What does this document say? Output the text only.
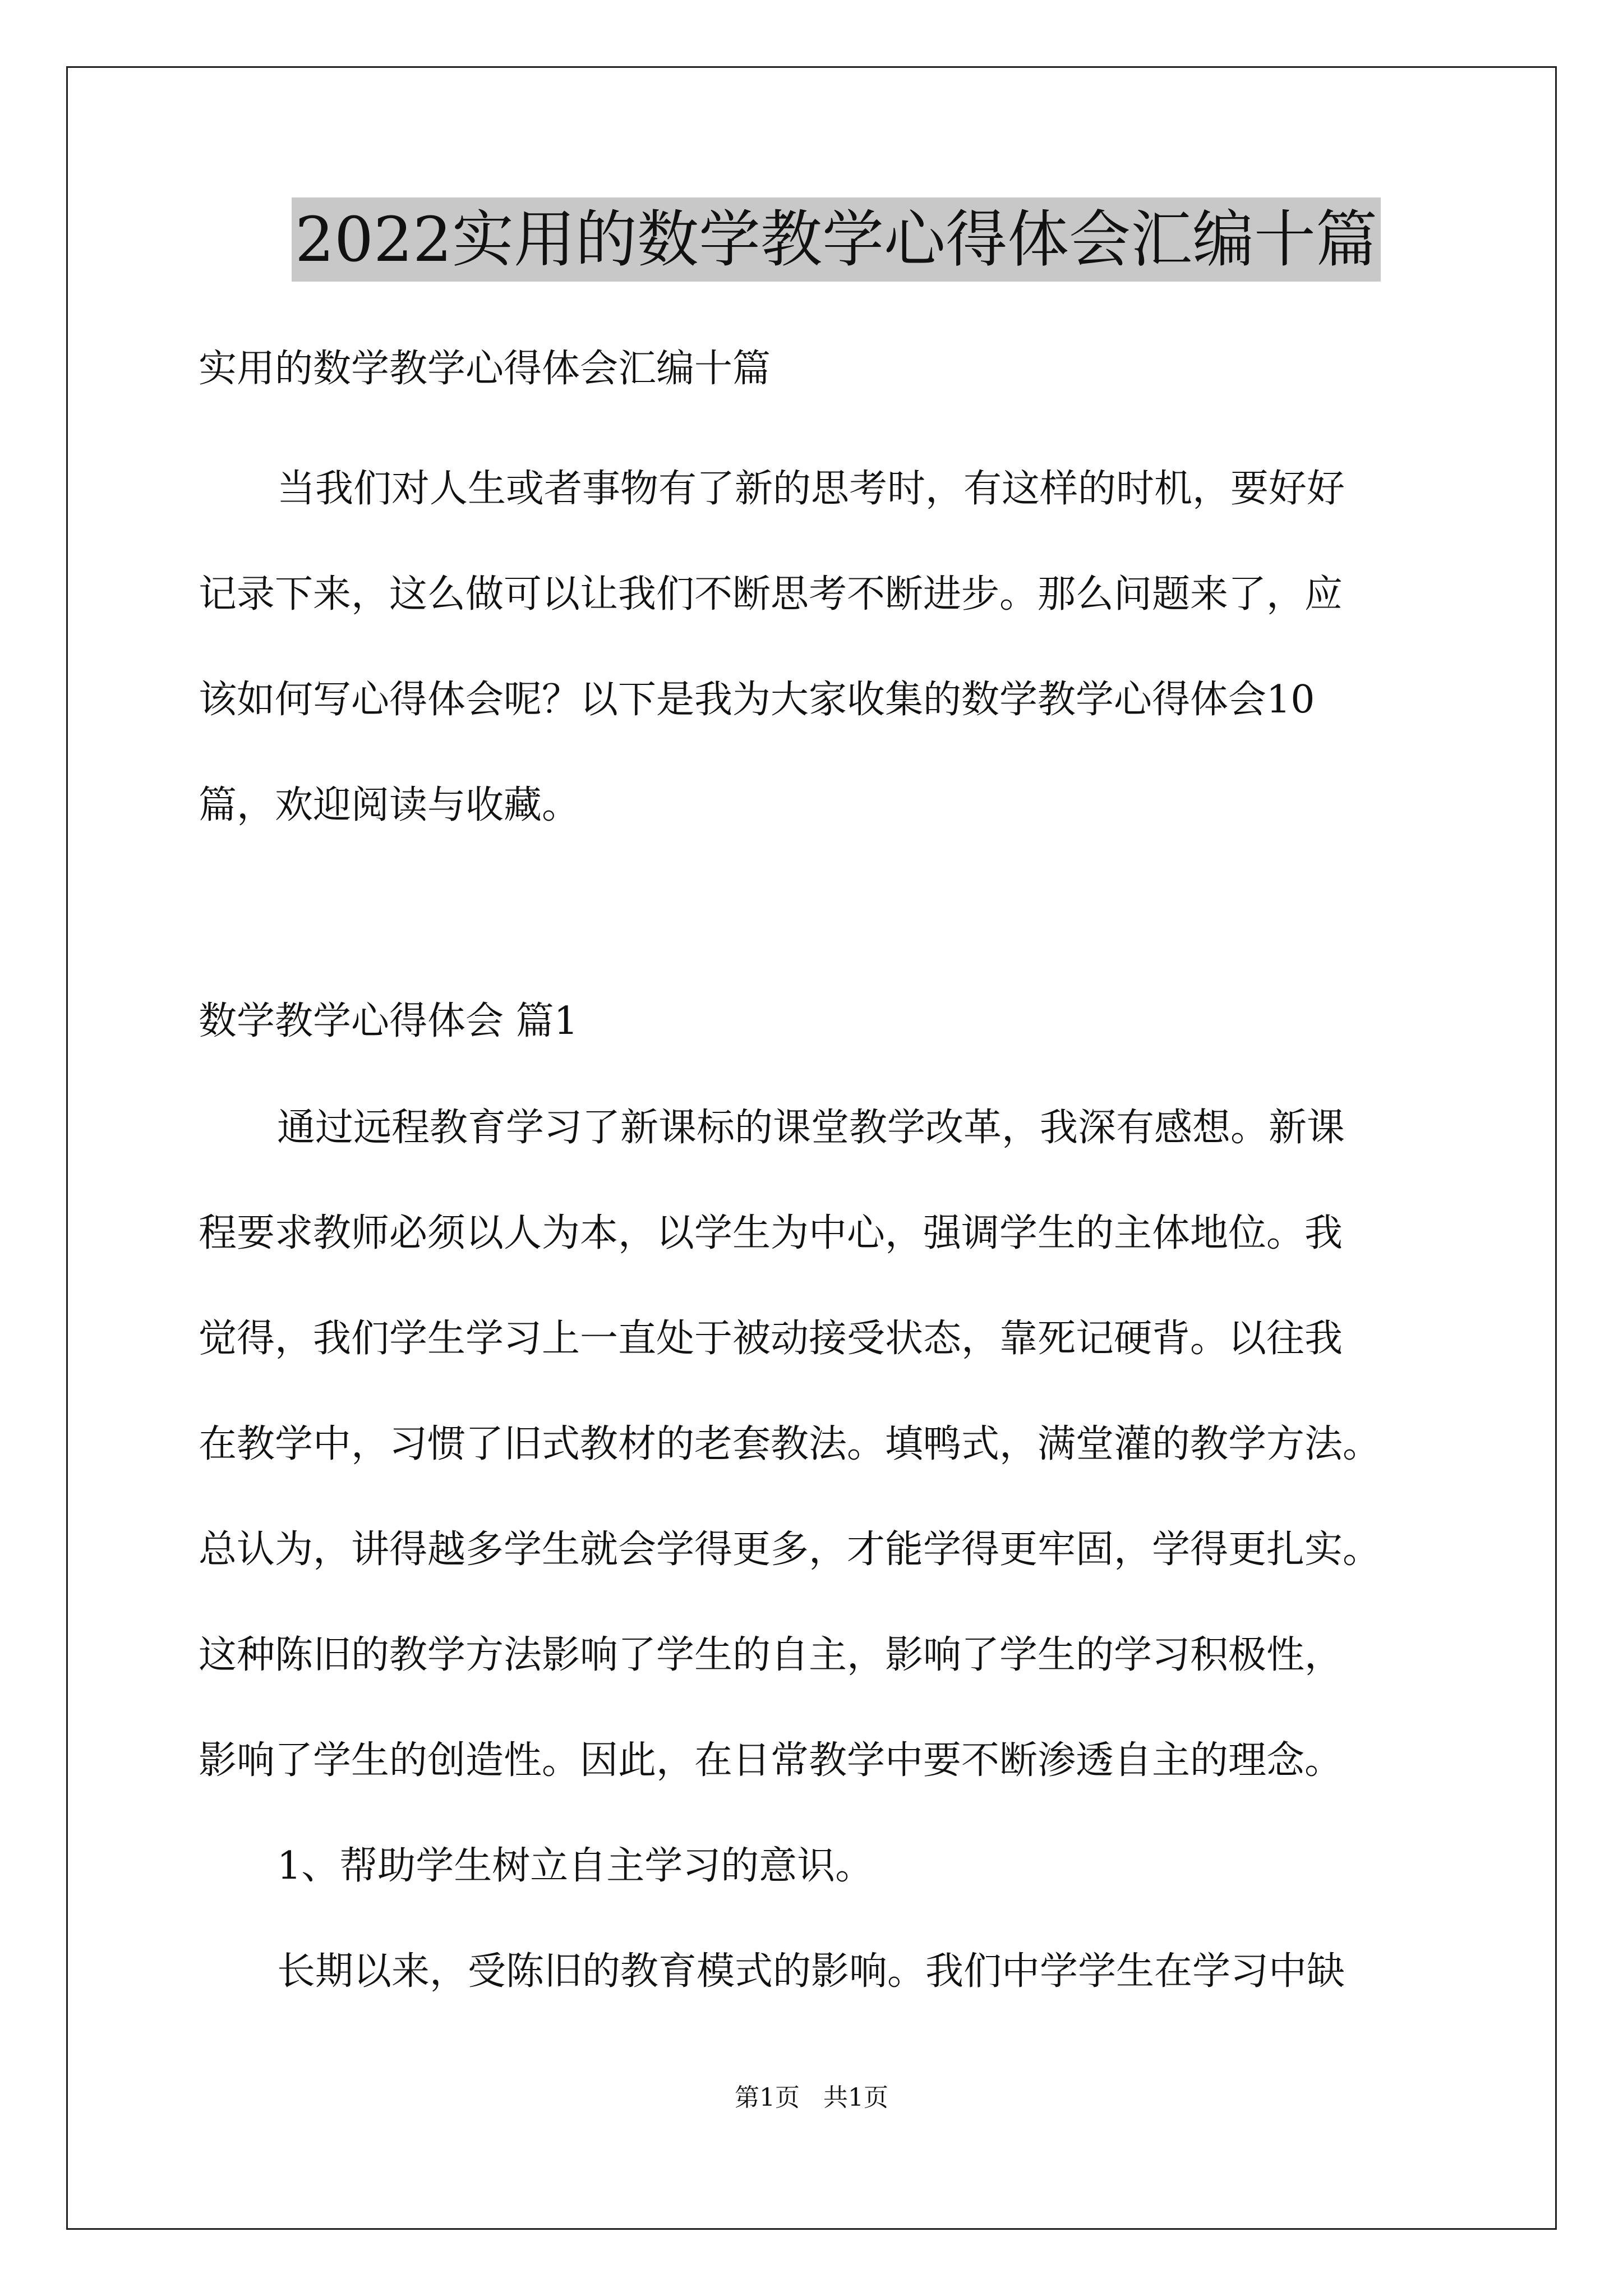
2022实用的数学教学心得体会汇编十篇
实用的数学教学心得体会汇编十篇
当我们对人生或者事物有了新的思考时，有这样的时机，要好好
记录下来，这么做可以让我们不断思考不断进步。那么问题来了，应
该如何写心得体会呢？以下是我为大家收集的数学教学心得体会10
篇，欢迎阅读与收藏。
数学教学心得体会 篇1
通过远程教育学习了新课标的课堂教学改革，我深有感想。新课
程要求教师必须以人为本，以学生为中心，强调学生的主体地位。我
觉得，我们学生学习上一直处于被动接受状态，靠死记硬背。以往我
在教学中，习惯了旧式教材的老套教法。填鸭式，满堂灌的教学方法。
总认为，讲得越多学生就会学得更多，才能学得更牢固，学得更扎实。
这种陈旧的教学方法影响了学生的自主，影响了学生的学习积极性，
影响了学生的创造性。因此，在日常教学中要不断渗透自主的理念。
1、帮助学生树立自主学习的意识。
长期以来，受陈旧的教育模式的影响。我们中学学生在学习中缺
第1页   共1页
